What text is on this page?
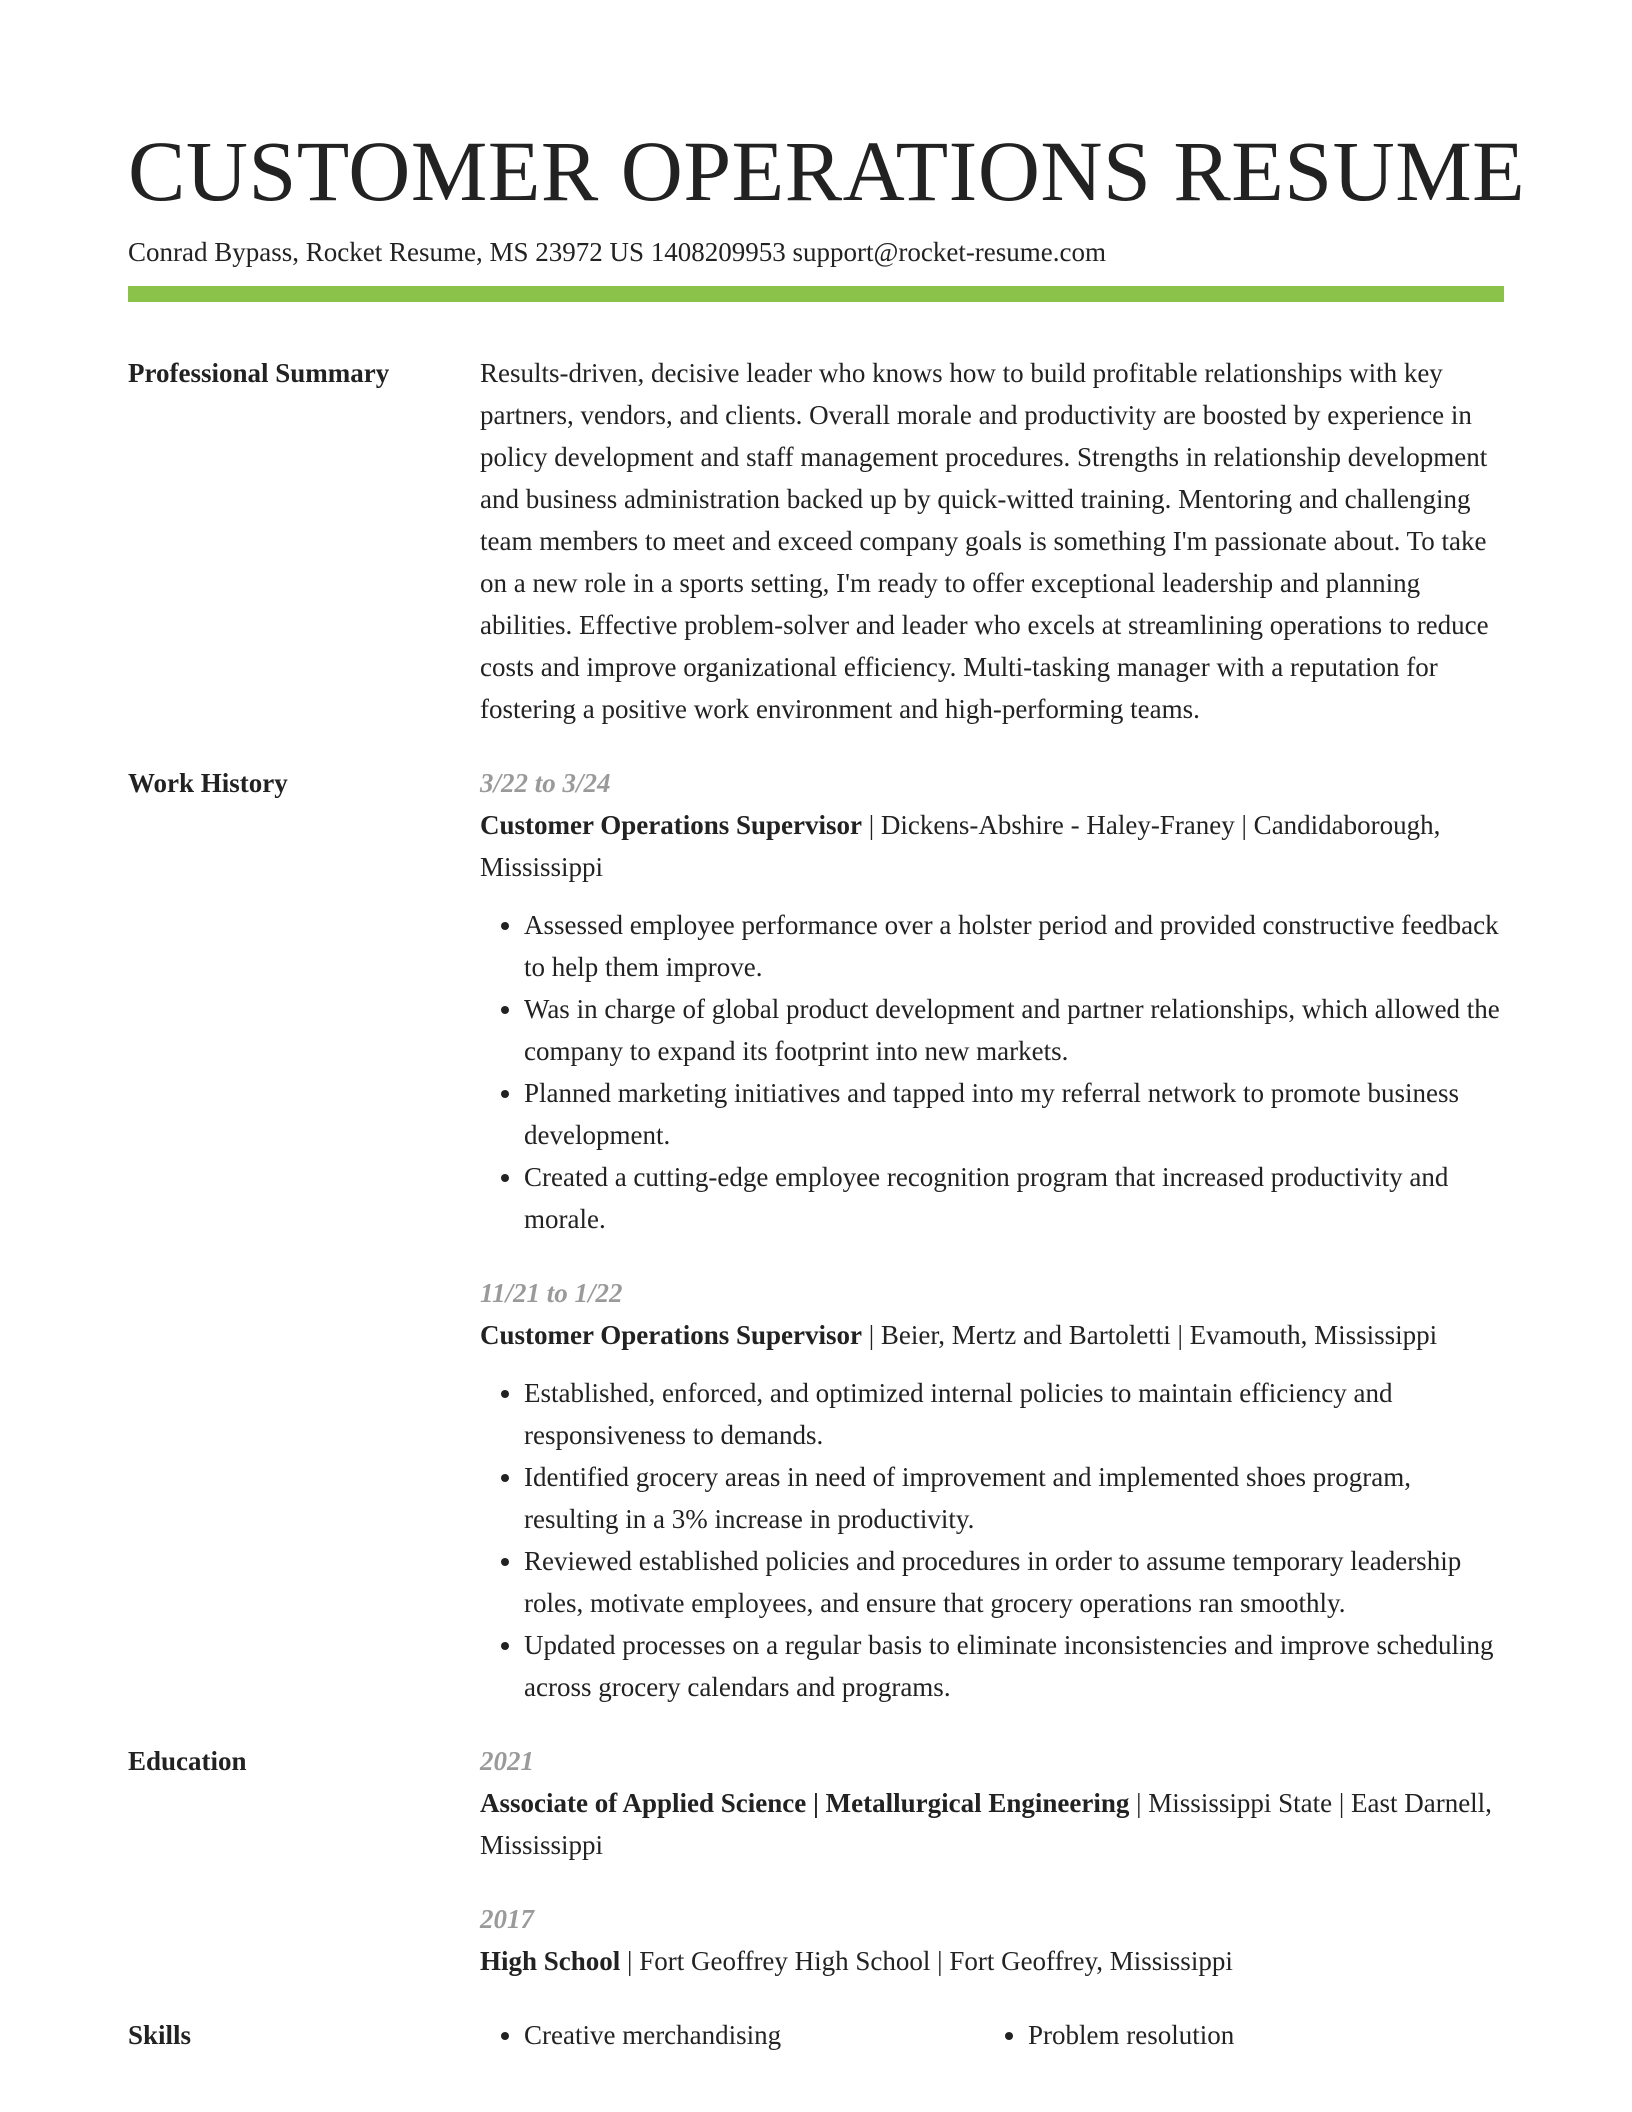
CUSTOMER OPERATIONS RESUME
Conrad Bypass, Rocket Resume, MS 23972 US 1408209953 support@rocket-resume.com
Professional Summary	Results-driven, decisive leader who knows how to build profitable relationships with key partners, vendors, and clients. Overall morale and productivity are boosted by experience in policy development and staff management procedures. Strengths in relationship development and business administration backed up by quick-witted training. Mentoring and challenging team members to meet and exceed company goals is something I'm passionate about. To take on a new role in a sports setting, I'm ready to offer exceptional leadership and planning abilities. Effective problem-solver and leader who excels at streamlining operations to reduce costs and improve organizational efficiency. Multi-tasking manager with a reputation for fostering a positive work environment and high-performing teams.
Work History	3/22 to 3/24
Customer Operations Supervisor | Dickens-Abshire - Haley-Franey | Candidaborough, Mississippi
• Assessed employee performance over a holster period and provided constructive feedback to help them improve.
• Was in charge of global product development and partner relationships, which allowed the company to expand its footprint into new markets.
• Planned marketing initiatives and tapped into my referral network to promote business development.
• Created a cutting-edge employee recognition program that increased productivity and morale.
11/21 to 1/22
Customer Operations Supervisor | Beier, Mertz and Bartoletti | Evamouth, Mississippi
• Established, enforced, and optimized internal policies to maintain efficiency and responsiveness to demands.
• Identified grocery areas in need of improvement and implemented shoes program, resulting in a 3% increase in productivity.
• Reviewed established policies and procedures in order to assume temporary leadership roles, motivate employees, and ensure that grocery operations ran smoothly.
• Updated processes on a regular basis to eliminate inconsistencies and improve scheduling across grocery calendars and programs.
Education	2021
Associate of Applied Science | Metallurgical Engineering | Mississippi State | East Darnell, Mississippi
2017
High School | Fort Geoffrey High School | Fort Geoffrey, Mississippi
Skills	• Creative merchandising	• Problem resolution
